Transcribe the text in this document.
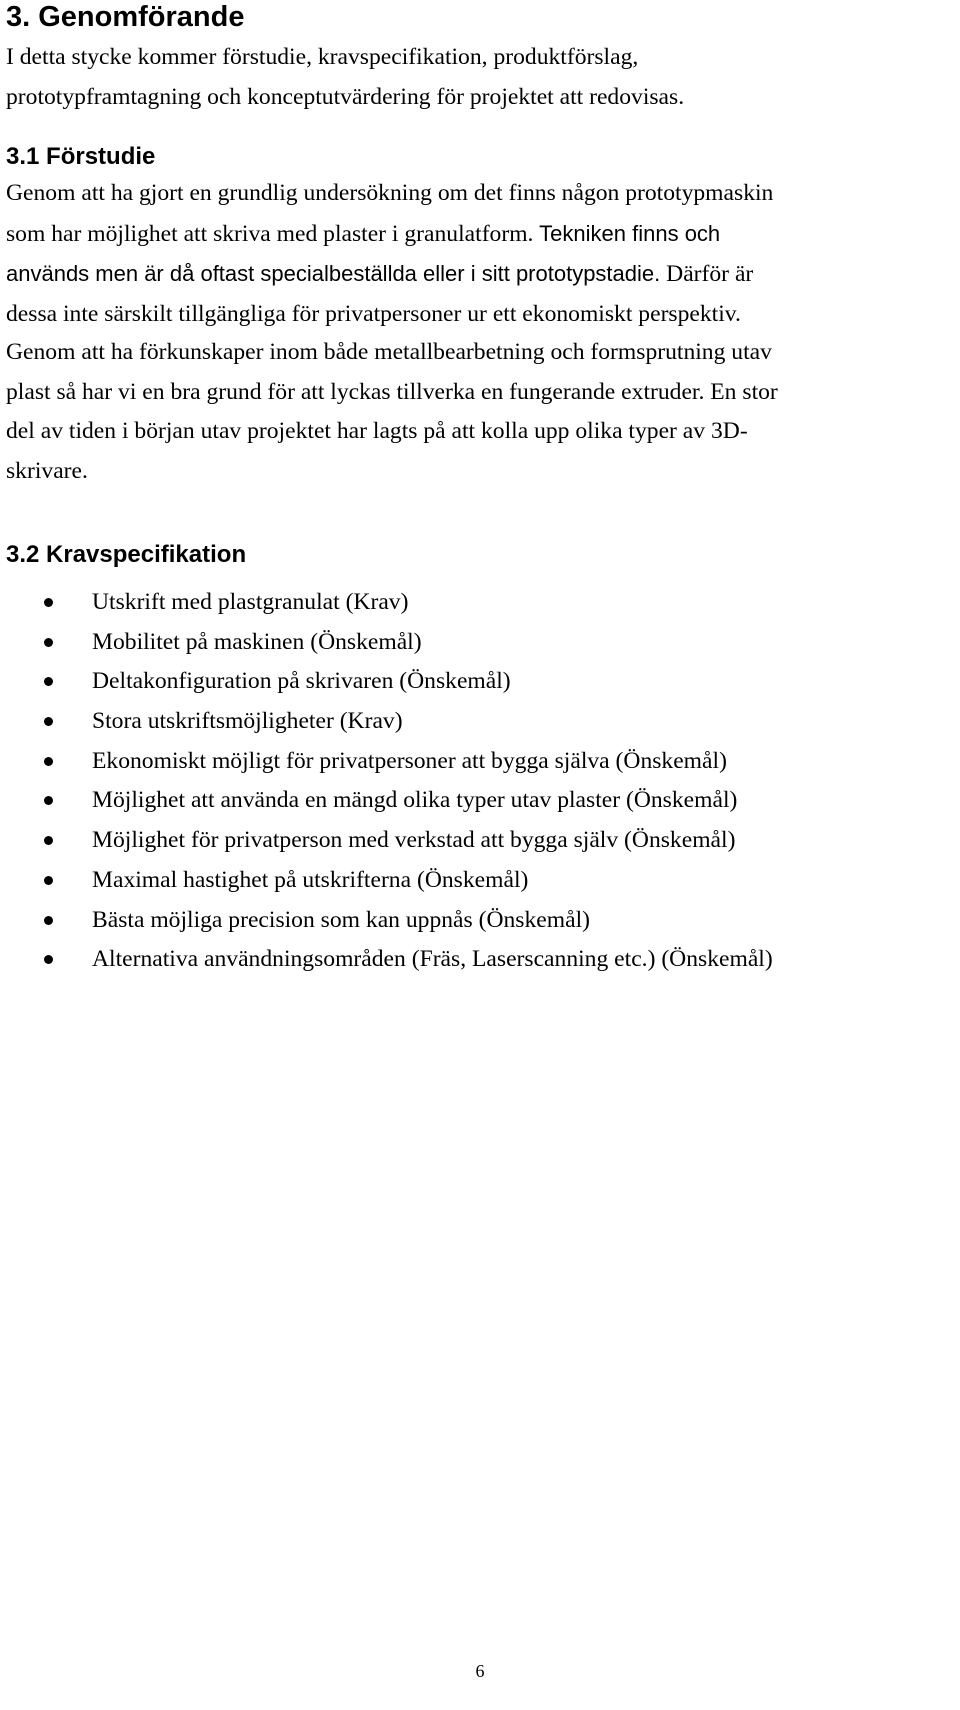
3. Genomförande

I detta stycke kommer förstudie, kravspecifikation, produktförslag,
prototypframtagning och konceptutvärdering för projektet att redovisas.

3.1 Förstudie

Genom att ha gjort en grundlig undersökning om det finns någon prototypmaskin
som har möjlighet att skriva med plaster i granulatform. Tekniken finns och
används men är då oftast specialbeställda eller i sitt prototypstadie. Därför är
dessa inte särskilt tillgängliga för privatpersoner ur ett ekonomiskt perspektiv.

Genom att ha förkunskaper inom både metallbearbetning och formsprutning utav
plast så har vi en bra grund för att lyckas tillverka en fungerande extruder. En stor
del av tiden i början utav projektet har lagts på att kolla upp olika typer av 3D-
skrivare.

3.2 Kravspecifikation
Utskrift med plastgranulat (Krav)
Mobilitet på maskinen (Önskemål)
Deltakonfiguration på skrivaren (Önskemål)
Stora utskriftsmöjligheter (Krav)
Ekonomiskt möjligt för privatpersoner att bygga själva (Önskemål)
Möjlighet att använda en mängd olika typer utav plaster (Önskemål)
Möjlighet för privatperson med verkstad att bygga själv (Önskemål)
Maximal hastighet på utskrifterna (Önskemål)
Bästa möjliga precision som kan uppnås (Önskemål)
Alternativa användningsområden (Fräs, Laserscanning etc.) (Önskemål)
6
